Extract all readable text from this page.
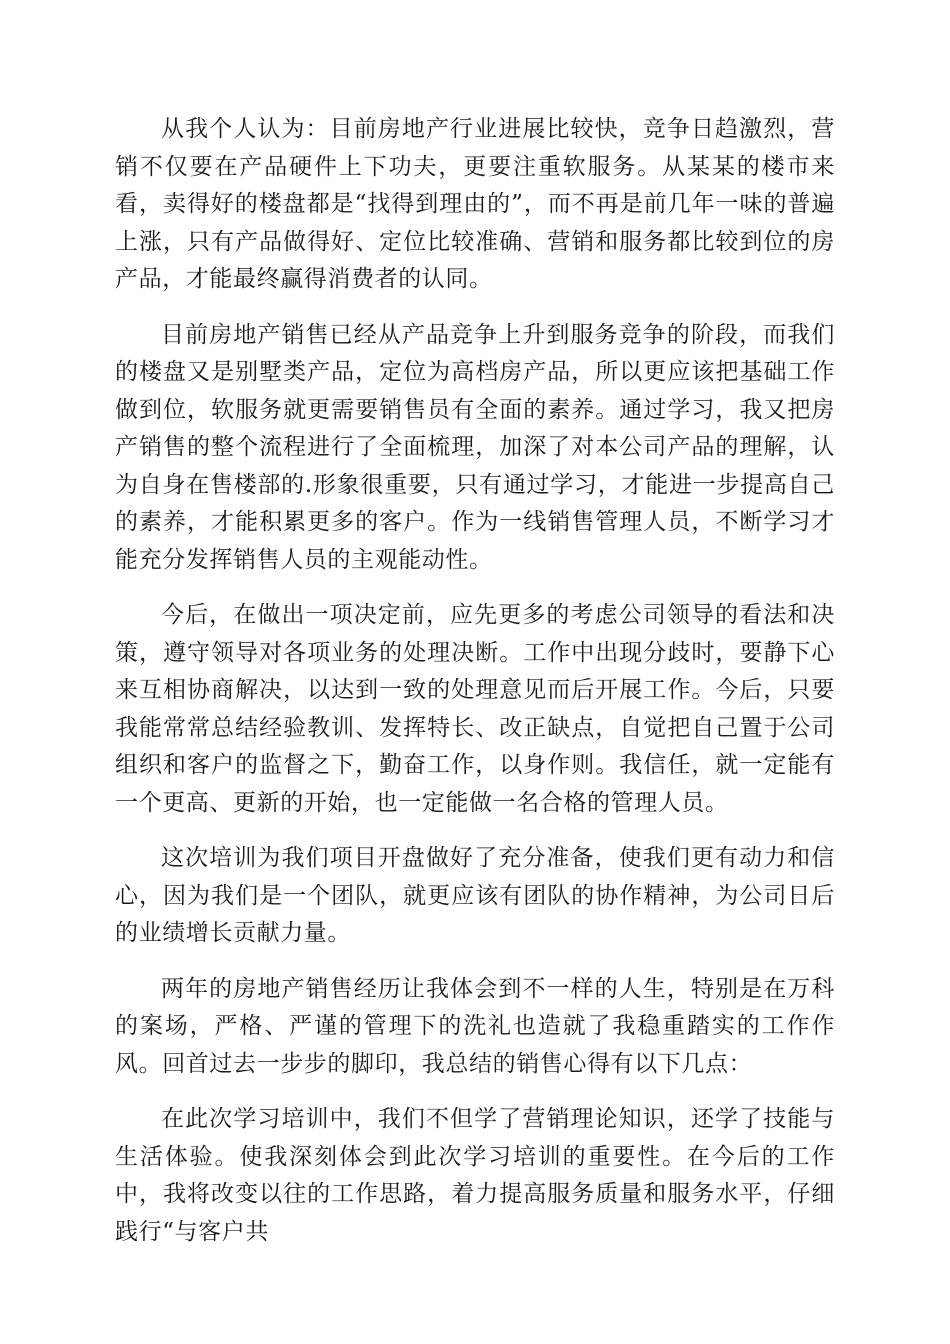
从我个人认为：目前房地产行业进展比较快，竞争日趋激烈，营销不仅要在产品硬件上下功夫，更要注重软服务。从某某的楼市来看，卖得好的楼盘都是“找得到理由的”，而不再是前几年一味的普遍上涨，只有产品做得好、定位比较准确、营销和服务都比较到位的房产品，才能最终赢得消费者的认同。

目前房地产销售已经从产品竞争上升到服务竞争的阶段，而我们的楼盘又是别墅类产品，定位为高档房产品，所以更应该把基础工作做到位，软服务就更需要销售员有全面的素养。通过学习，我又把房产销售的整个流程进行了全面梳理，加深了对本公司产品的理解，认为自身在售楼部的.形象很重要，只有通过学习，才能进一步提高自己的素养，才能积累更多的客户。作为一线销售管理人员，不断学习才能充分发挥销售人员的主观能动性。

今后，在做出一项决定前，应先更多的考虑公司领导的看法和决策，遵守领导对各项业务的处理决断。工作中出现分歧时，要静下心来互相协商解决，以达到一致的处理意见而后开展工作。今后，只要我能常常总结经验教训、发挥特长、改正缺点，自觉把自己置于公司组织和客户的监督之下，勤奋工作，以身作则。我信任，就一定能有一个更高、更新的开始，也一定能做一名合格的管理人员。

这次培训为我们项目开盘做好了充分准备，使我们更有动力和信心，因为我们是一个团队，就更应该有团队的协作精神，为公司日后的业绩增长贡献力量。

两年的房地产销售经历让我体会到不一样的人生，特别是在万科的案场，严格、严谨的管理下的洗礼也造就了我稳重踏实的工作作风。回首过去一步步的脚印，我总结的销售心得有以下几点：

在此次学习培训中，我们不但学了营销理论知识，还学了技能与生活体验。使我深刻体会到此次学习培训的重要性。在今后的工作中，我将改变以往的工作思路，着力提高服务质量和服务水平，仔细践行“与客户共
